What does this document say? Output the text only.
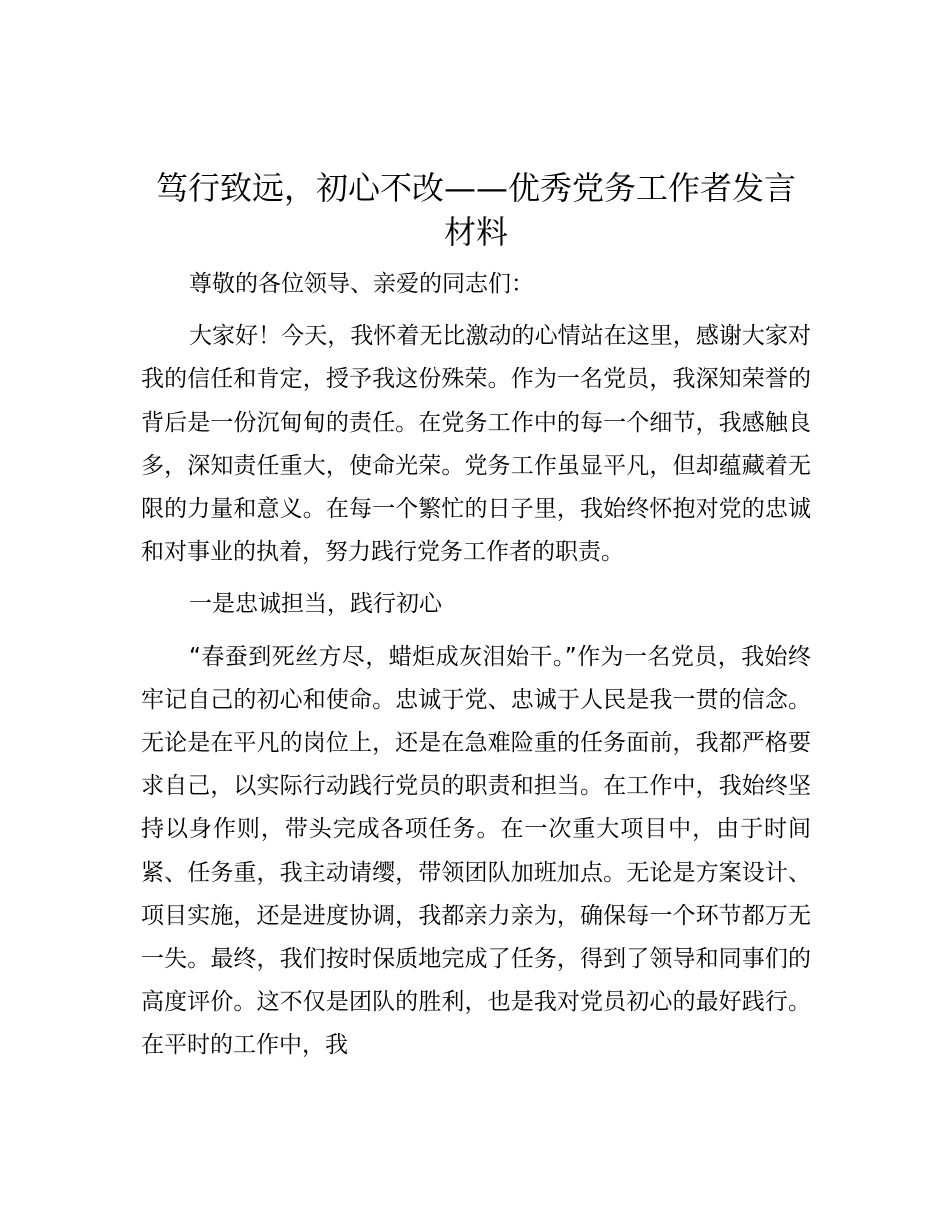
笃行致远，初心不改——优秀党务工作者发言材料

尊敬的各位领导、亲爱的同志们：

大家好！今天，我怀着无比激动的心情站在这里，感谢大家对我的信任和肯定，授予我这份殊荣。作为一名党员，我深知荣誉的背后是一份沉甸甸的责任。在党务工作中的每一个细节，我感触良多，深知责任重大，使命光荣。党务工作虽显平凡，但却蕴藏着无限的力量和意义。在每一个繁忙的日子里，我始终怀抱对党的忠诚和对事业的执着，努力践行党务工作者的职责。

一是忠诚担当，践行初心

“春蚕到死丝方尽，蜡炬成灰泪始干。”作为一名党员，我始终牢记自己的初心和使命。忠诚于党、忠诚于人民是我一贯的信念。无论是在平凡的岗位上，还是在急难险重的任务面前，我都严格要求自己，以实际行动践行党员的职责和担当。在工作中，我始终坚持以身作则，带头完成各项任务。在一次重大项目中，由于时间紧、任务重，我主动请缨，带领团队加班加点。无论是方案设计、项目实施，还是进度协调，我都亲力亲为，确保每一个环节都万无一失。最终，我们按时保质地完成了任务，得到了领导和同事们的高度评价。这不仅是团队的胜利，也是我对党员初心的最好践行。在平时的工作中，我
